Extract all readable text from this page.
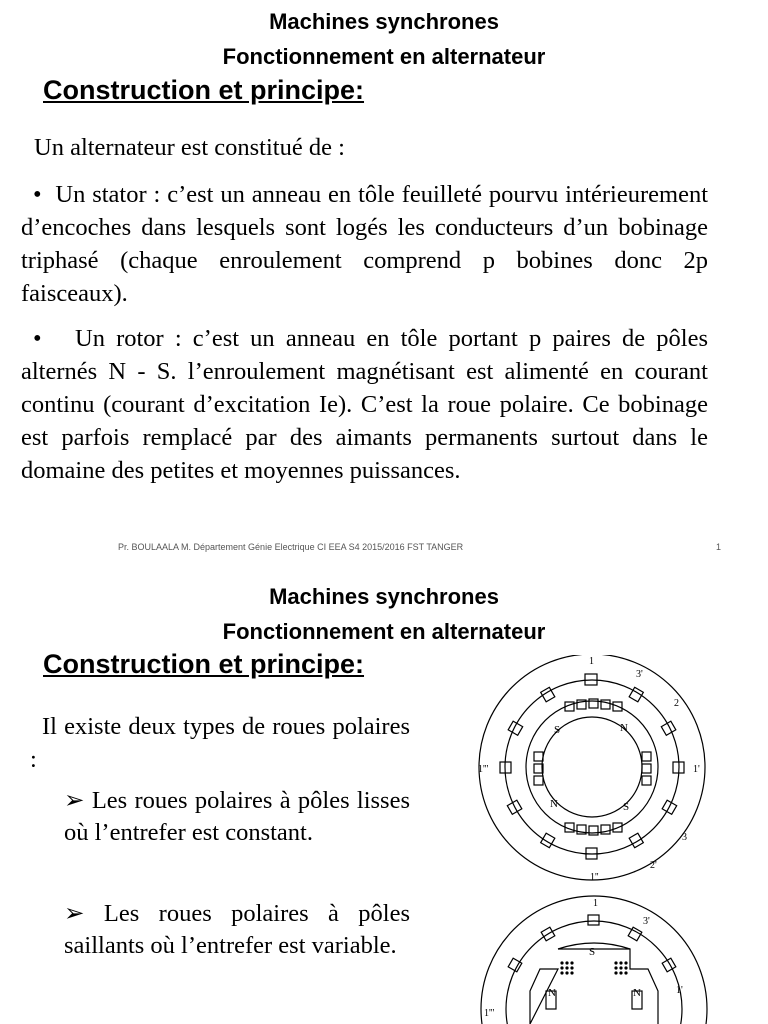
Machines synchrones
Fonctionnement en alternateur
Construction et principe:
Un alternateur est constitué de :
• Un stator : c’est un anneau en tôle feuilleté pourvu intérieurement d’encoches dans lesquels sont logés les conducteurs d’un bobinage triphasé (chaque enroulement comprend p bobines donc 2p faisceaux).
• Un rotor : c’est un anneau en tôle portant p paires de pôles alternés N - S. l’enroulement magnétisant est alimenté en courant continu (courant d’excitation Ie). C’est la roue polaire. Ce bobinage est parfois remplacé par des aimants permanents surtout dans le domaine des petites et moyennes puissances.
Pr. BOULAALA M. Département Génie Electrique CI EEA S4 2015/2016 FST TANGER	1
Machines synchrones
Fonctionnement en alternateur
Construction et principe:
Il existe deux types de roues polaires :
➢ Les roues polaires à pôles lisses où l’entrefer est constant.
➢ Les roues polaires à pôles saillants où l’entrefer est variable.
1
3'
2
1'
3
2'
1''
1'''
S	N
N	S
1
3'
1'
1'''
S
N	N
